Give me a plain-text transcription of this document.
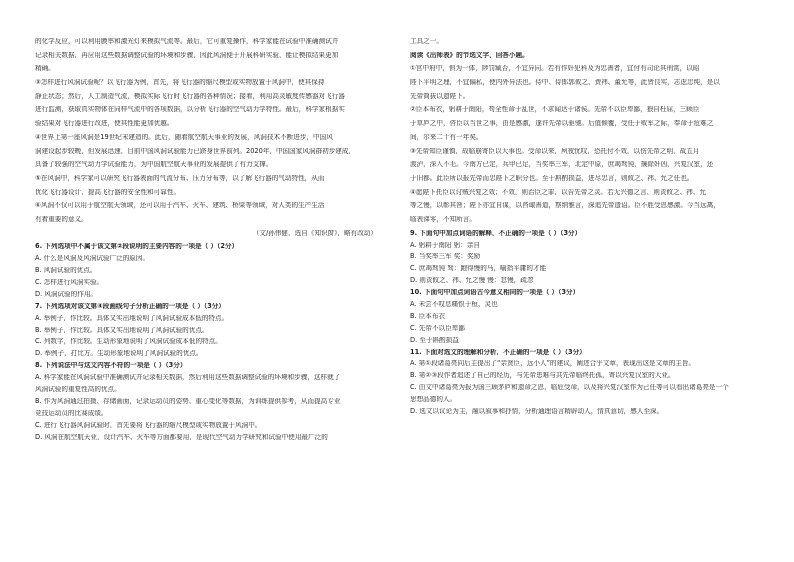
的化学反应，可以利用膜率和激光灯来模拟气流等。最后，它可重复操作，科学家能在试验中准确测试并
记录相关数据，再应用这些数据调整试验的环境和步骤，因此风洞便于开展科研实验，能让模拟结果更加
精确。
③怎样进行风洞试验呢？以飞行器为例，首先，将飞行器的缩尺模型或实物放置于风洞中，使其保持
静止状态；然后，人工制造气流，模拟实际飞行时飞行器的各种情况；接着，利用高灵敏度传感器对飞行器
进行监测，获取真实物体在同样气流中的各项数据，以分析飞行器的空气动力学特性。最后，科学家根据实
验结果对飞行器进行改进，使其性能更加优越。
④世界上第一座风洞是19世纪末建造的。此后，随着航空航天事业的发展，风洞技术不断进步，中国风
洞建设起步较晚，但发展迅速，目前中国风洞试验能力已跻身世界前列。2020年，中国国家风洞群初步建成，
具备了较强的空气动力学试验能力，为中国航空航天事业的发展提供了有力支撑。
⑤在风洞中，科学家可以研究飞行器表面的气流分布、压力分布等，以了解飞行器的气动特性，从而
优化飞行器设计，提高飞行器的安全性和可靠性。
⑥风洞不仅可以用于航空航天领域，还可以用于汽车、火车、建筑、桥梁等领域，对人类的生产生活
有着重要的意义。
（文/孙伟健，选自《知识窗》，略有改动）
6. 下列选项中不属于该文第②段说明的主要内容的一项是（ ）（2分）
A. 什么是风洞及风洞试验广泛的原因。
B. 风洞试验的优点。
C. 怎样进行风洞实验。
D. 风洞试验的作用。
7. 下列选项对该文第④段画线句子分析正确的一项是（ ）（3分）
A. 举例子，作比较。具体又实出地说明了风洞试验成本低的特点。
B. 举例子，作比较。具体又实出地说明了风洞试验的优点。
C. 列数字，作比较。生动形象地说明了风洞试验成本低的特点。
D. 举例子，打比方。生动形象地说明了风洞试验的优点。
8. 下列说法中与这文内容不符的一项是（ ）（3分）
A. 科学家能在风洞试验中准确测试并记录相关数据，然后利用这些数据调整试验的环境和步骤，这样就了
风洞试验的重复性高的优点。
B. 作为风洞通过拍摄、存储画面，记录运动员的姿势、重心变化等数据，为训练提供参考，从而提高专业
竞技运动员的比赛成绩。
C. 进行飞行器风洞试验时，首先要将飞行器的缩尺模型或实物放置于风洞中。
D. 风洞在航空航天业，设计汽车、火车等方面都要用，是现代空气动力学研究和试验中使用最广泛的
工具之一。
阅读《出师表》的节选文字，回答小题。
①宫中府中，俱为一体，陟罚臧否，不宜异同。若有作奸犯科及为忠善者，宜付有司论其刑赏，以昭
陛下平明之理，不宜偏私，使内外异法也。侍中、侍郎郭攸之、费祎、董允等，此皆良实，志虑忠纯，是以
先帝简拔以遗陛下。
②臣本布衣，躬耕于南阳，苟全性命于乱世，不求闻达于诸侯。先帝不以臣卑鄙，猥自枉屈，三顾臣
于草庐之中，咨臣以当世之事，由是感激，遂许先帝以驱驰。后值倾覆，受任于败军之际，奉命于危难之
间，尔来二十有一年矣。
③先帝知臣谨慎，故临崩寄臣以大事也。受命以来，夙夜忧叹，恐托付不效，以伤先帝之明，故五月
渡泸，深入不毛。今南方已定，兵甲已足，当奖率三军，北定中原，庶竭驽钝，攘除奸凶，兴复汉室，还
于旧都。此臣所以报先帝而忠陛下之职分也。至于斟酌损益，进尽忠言，则攸之、祎、允之任也。
④愿陛下托臣以讨贼兴复之效；不效，则治臣之罪，以告先帝之灵。若无兴德之言，则责攸之、祎、允
等之慢，以彰其咎；陛下亦宜自谋，以咨诹善道，察纳雅言，深追先帝遗诏。臣不胜受恩感激。今当远离，
临表涕零，不知所言。
9. 下面句中加点词语的解释，不正确的一项是（ ）（3分）
A. 躬耕于南阳 躬：亲自
B. 当奖率三军 奖：奖励
C. 庶竭驽钝 驽：跑得慢的马，喻指平庸的才能
D. 则责攸之、祎、允之慢 慢：怠慢，疏忽
10. 下面句中加点词语古今意义相同的一项是（ ）（3分）
A. 未尝不叹息痛恨于桓、灵也
B. 臣本布衣
C. 先帝不以臣卑鄙
D. 至于斟酌损益
11. 下面对选文的理解和分析，不正确的一项是（ ）（3分）
A. 第①段诸葛亮向后主提出了“亲贤臣，远小人”的建议，阐述合乎文章，表现出这是文章的主旨。
B. 第②③段作者追述了自己的经历，与先帝患难与共先帝临终托孤，寄以兴复汉室的大业。
C. 由文中诸葛亮为报为国三顾茅庐和遗命之恩，临危受命，以及将兴复汉室作为己任等可以看出诸葛亮是一个
思想品德的人。
D. 选文以议论为主，融以叙事和抒情，分析通理语言精辟动人，情真意切，感人至深。
